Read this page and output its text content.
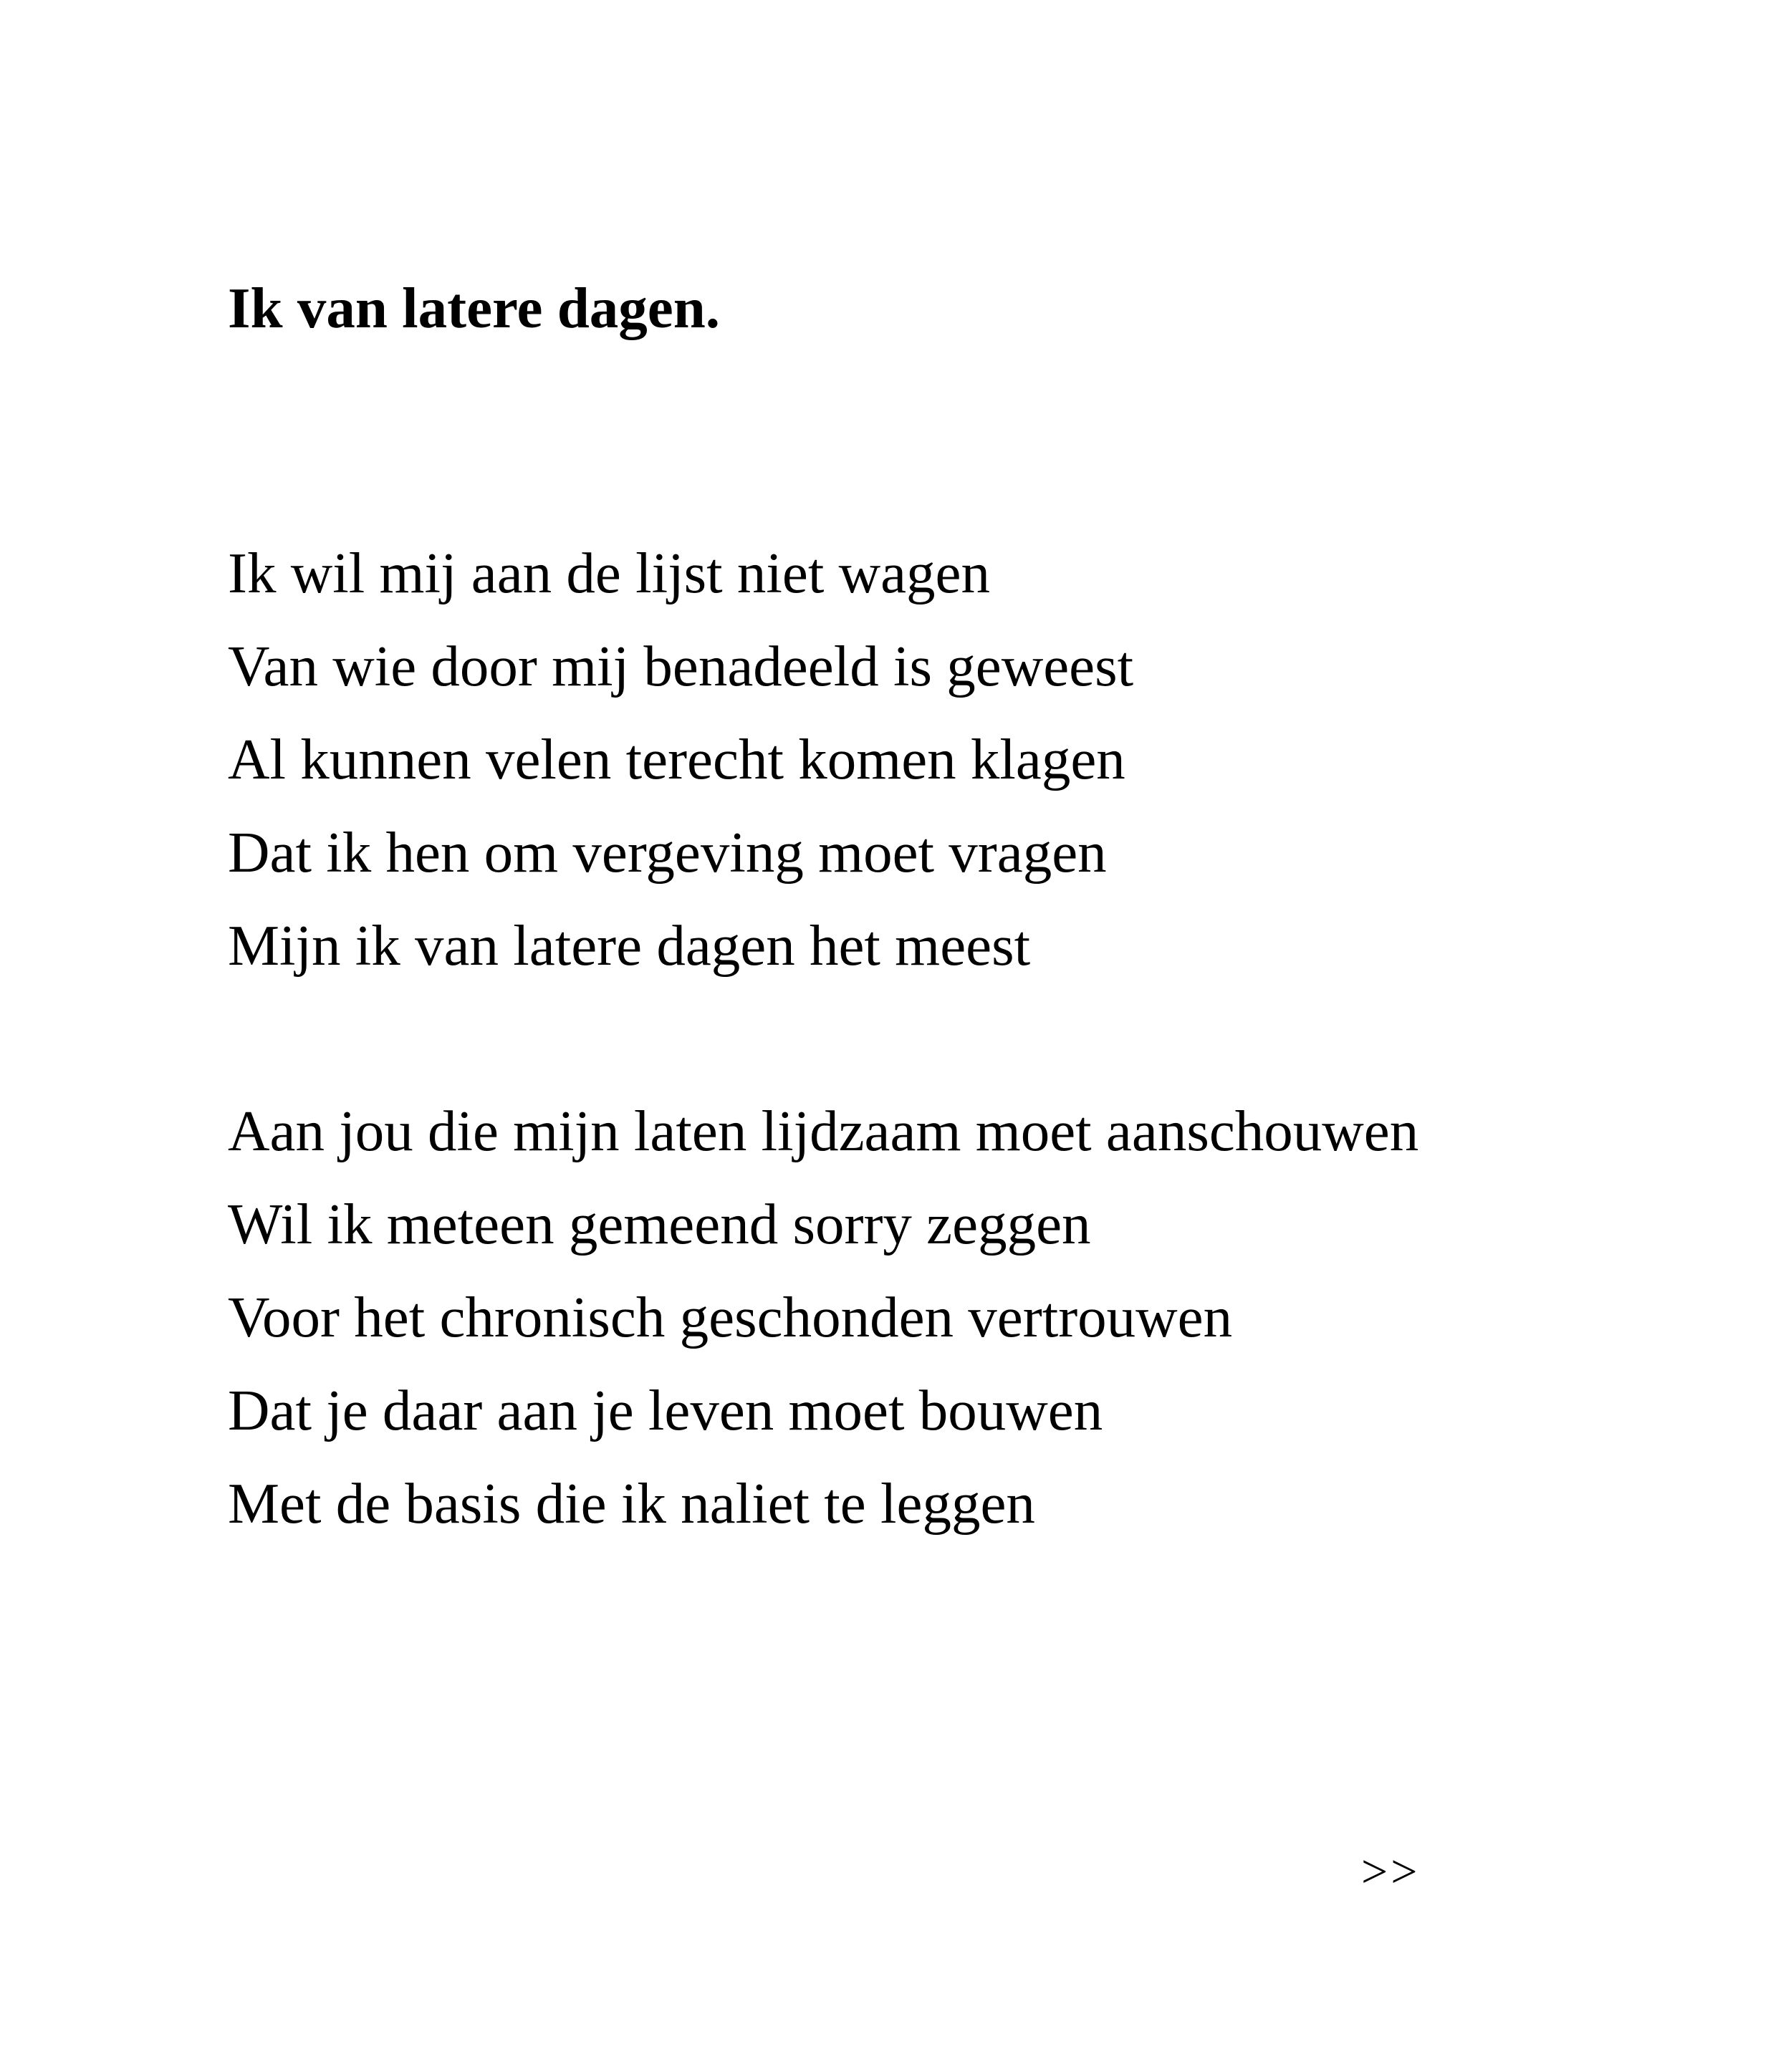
Ik van latere dagen.
Ik wil mij aan de lijst niet wagen
Van wie door mij benadeeld is geweest
Al kunnen velen terecht komen klagen
Dat ik hen om vergeving moet vragen
Mijn ik van latere dagen het meest
Aan jou die mijn laten lijdzaam moet aanschouwen
Wil ik meteen gemeend sorry zeggen
Voor het chronisch geschonden vertrouwen
Dat je daar aan je leven moet bouwen
Met de basis die ik naliet te leggen
>>
